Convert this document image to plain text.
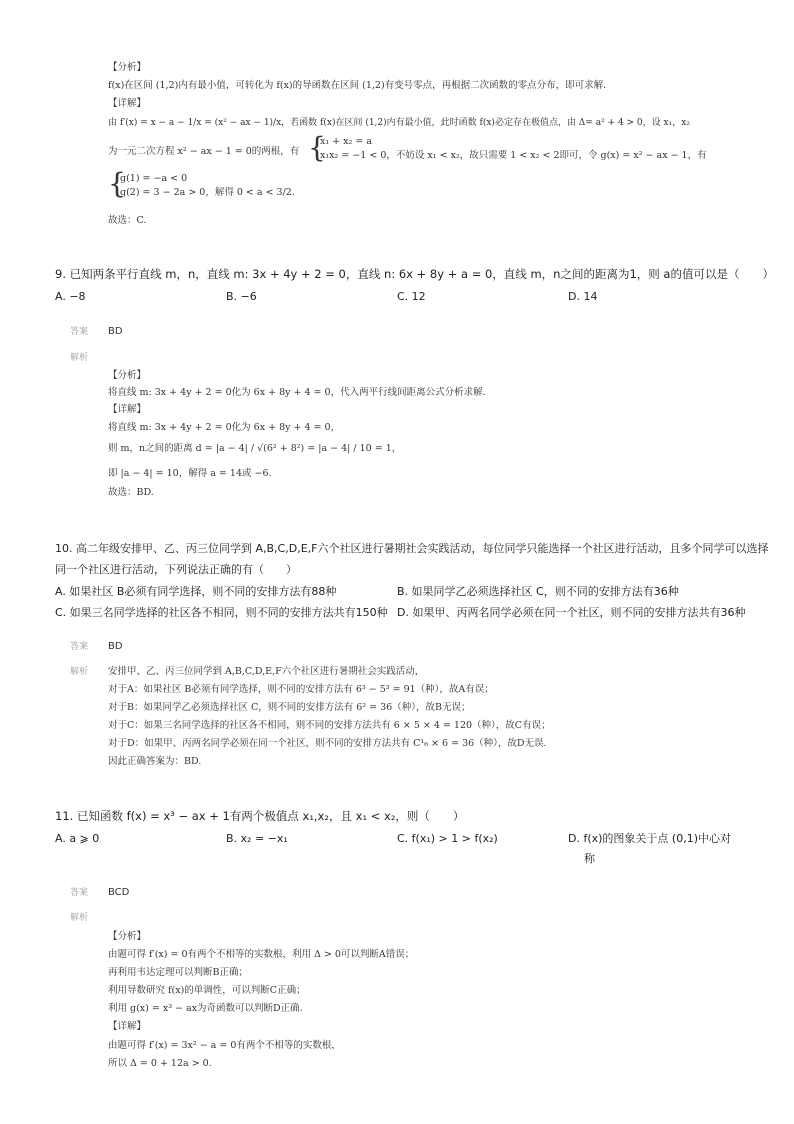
【分析】
f(x)在区间 (1,2)内有最小值，可转化为 f(x)的导函数在区间 (1,2)有变号零点，再根据二次函数的零点分布，即可求解.
【详解】
由 f′(x) = x − a − 1/x = (x² − ax − 1)/x，若函数 f(x)在区间 (1,2)内有最小值，此时函数 f(x)必定存在极值点，由 Δ= a² + 4 > 0，设 x₁，x₂
为一元二次方程 x² − ax − 1 = 0的两根，有 {
x₁ + x₂ = a
x₁x₂ = −1 < 0，不妨设 x₁ < x₂，故只需要 1 < x₂ < 2即可，令 g(x) = x² − ax − 1，有
{
g(1) = −a < 0
g(2) = 3 − 2a > 0，解得 0 < a < 3/2.
故选：C.
9. 已知两条平行直线 m，n，直线 m: 3x + 4y + 2 = 0，直线 n: 6x + 8y + a = 0，直线 m，n之间的距离为1，则 a的值可以是（　　）
A. −8	B. −6	C. 12	D. 14
答案 BD
解析
【分析】
将直线 m: 3x + 4y + 2 = 0化为 6x + 8y + 4 = 0，代入两平行线间距离公式分析求解.
【详解】
将直线 m: 3x + 4y + 2 = 0化为 6x + 8y + 4 = 0，
则 m，n之间的距离 d = |a − 4| / √(6² + 8²) = |a − 4| / 10 = 1，
即 |a − 4| = 10，解得 a = 14或 −6.
故选：BD.
10. 高二年级安排甲、乙、丙三位同学到 A,B,C,D,E,F六个社区进行暑期社会实践活动，每位同学只能选择一个社区进行活动，且多个同学可以选择
同一个社区进行活动，下列说法正确的有（　　）
A. 如果社区 B必须有同学选择，则不同的安排方法有88种	B. 如果同学乙必须选择社区 C，则不同的安排方法有36种
C. 如果三名同学选择的社区各不相同，则不同的安排方法共有150种 D. 如果甲、丙两名同学必须在同一个社区，则不同的安排方法共有36种
答案 BD
解析 安排甲、乙、丙三位同学到 A,B,C,D,E,F六个社区进行暑期社会实践活动，
对于A：如果社区 B必须有同学选择，则不同的安排方法有 6³ − 5³ = 91（种），故A有误；
对于B：如果同学乙必须选择社区 C，则不同的安排方法有 6² = 36（种），故B无误；
对于C：如果三名同学选择的社区各不相同，则不同的安排方法共有 6 × 5 × 4 = 120（种），故C有误；
对于D：如果甲、丙两名同学必须在同一个社区，则不同的安排方法共有 C¹₆ × 6 = 36（种），故D无误.
因此正确答案为：BD.
11. 已知函数 f(x) = x³ − ax + 1有两个极值点 x₁,x₂，且 x₁ < x₂，则（　　）
A. a ⩾ 0	B. x₂ = −x₁	C. f(x₁) > 1 > f(x₂)	D. f(x)的图象关于点 (0,1)中心对
称
答案 BCD
解析
【分析】
由题可得 f′(x) = 0有两个不相等的实数根，利用 Δ > 0可以判断A错误；
再利用韦达定理可以判断B正确；
利用导数研究 f(x)的单调性，可以判断C正确；
利用 g(x) = x³ − ax为奇函数可以判断D正确.
【详解】
由题可得 f′(x) = 3x² − a = 0有两个不相等的实数根，
所以 Δ = 0 + 12a > 0.
